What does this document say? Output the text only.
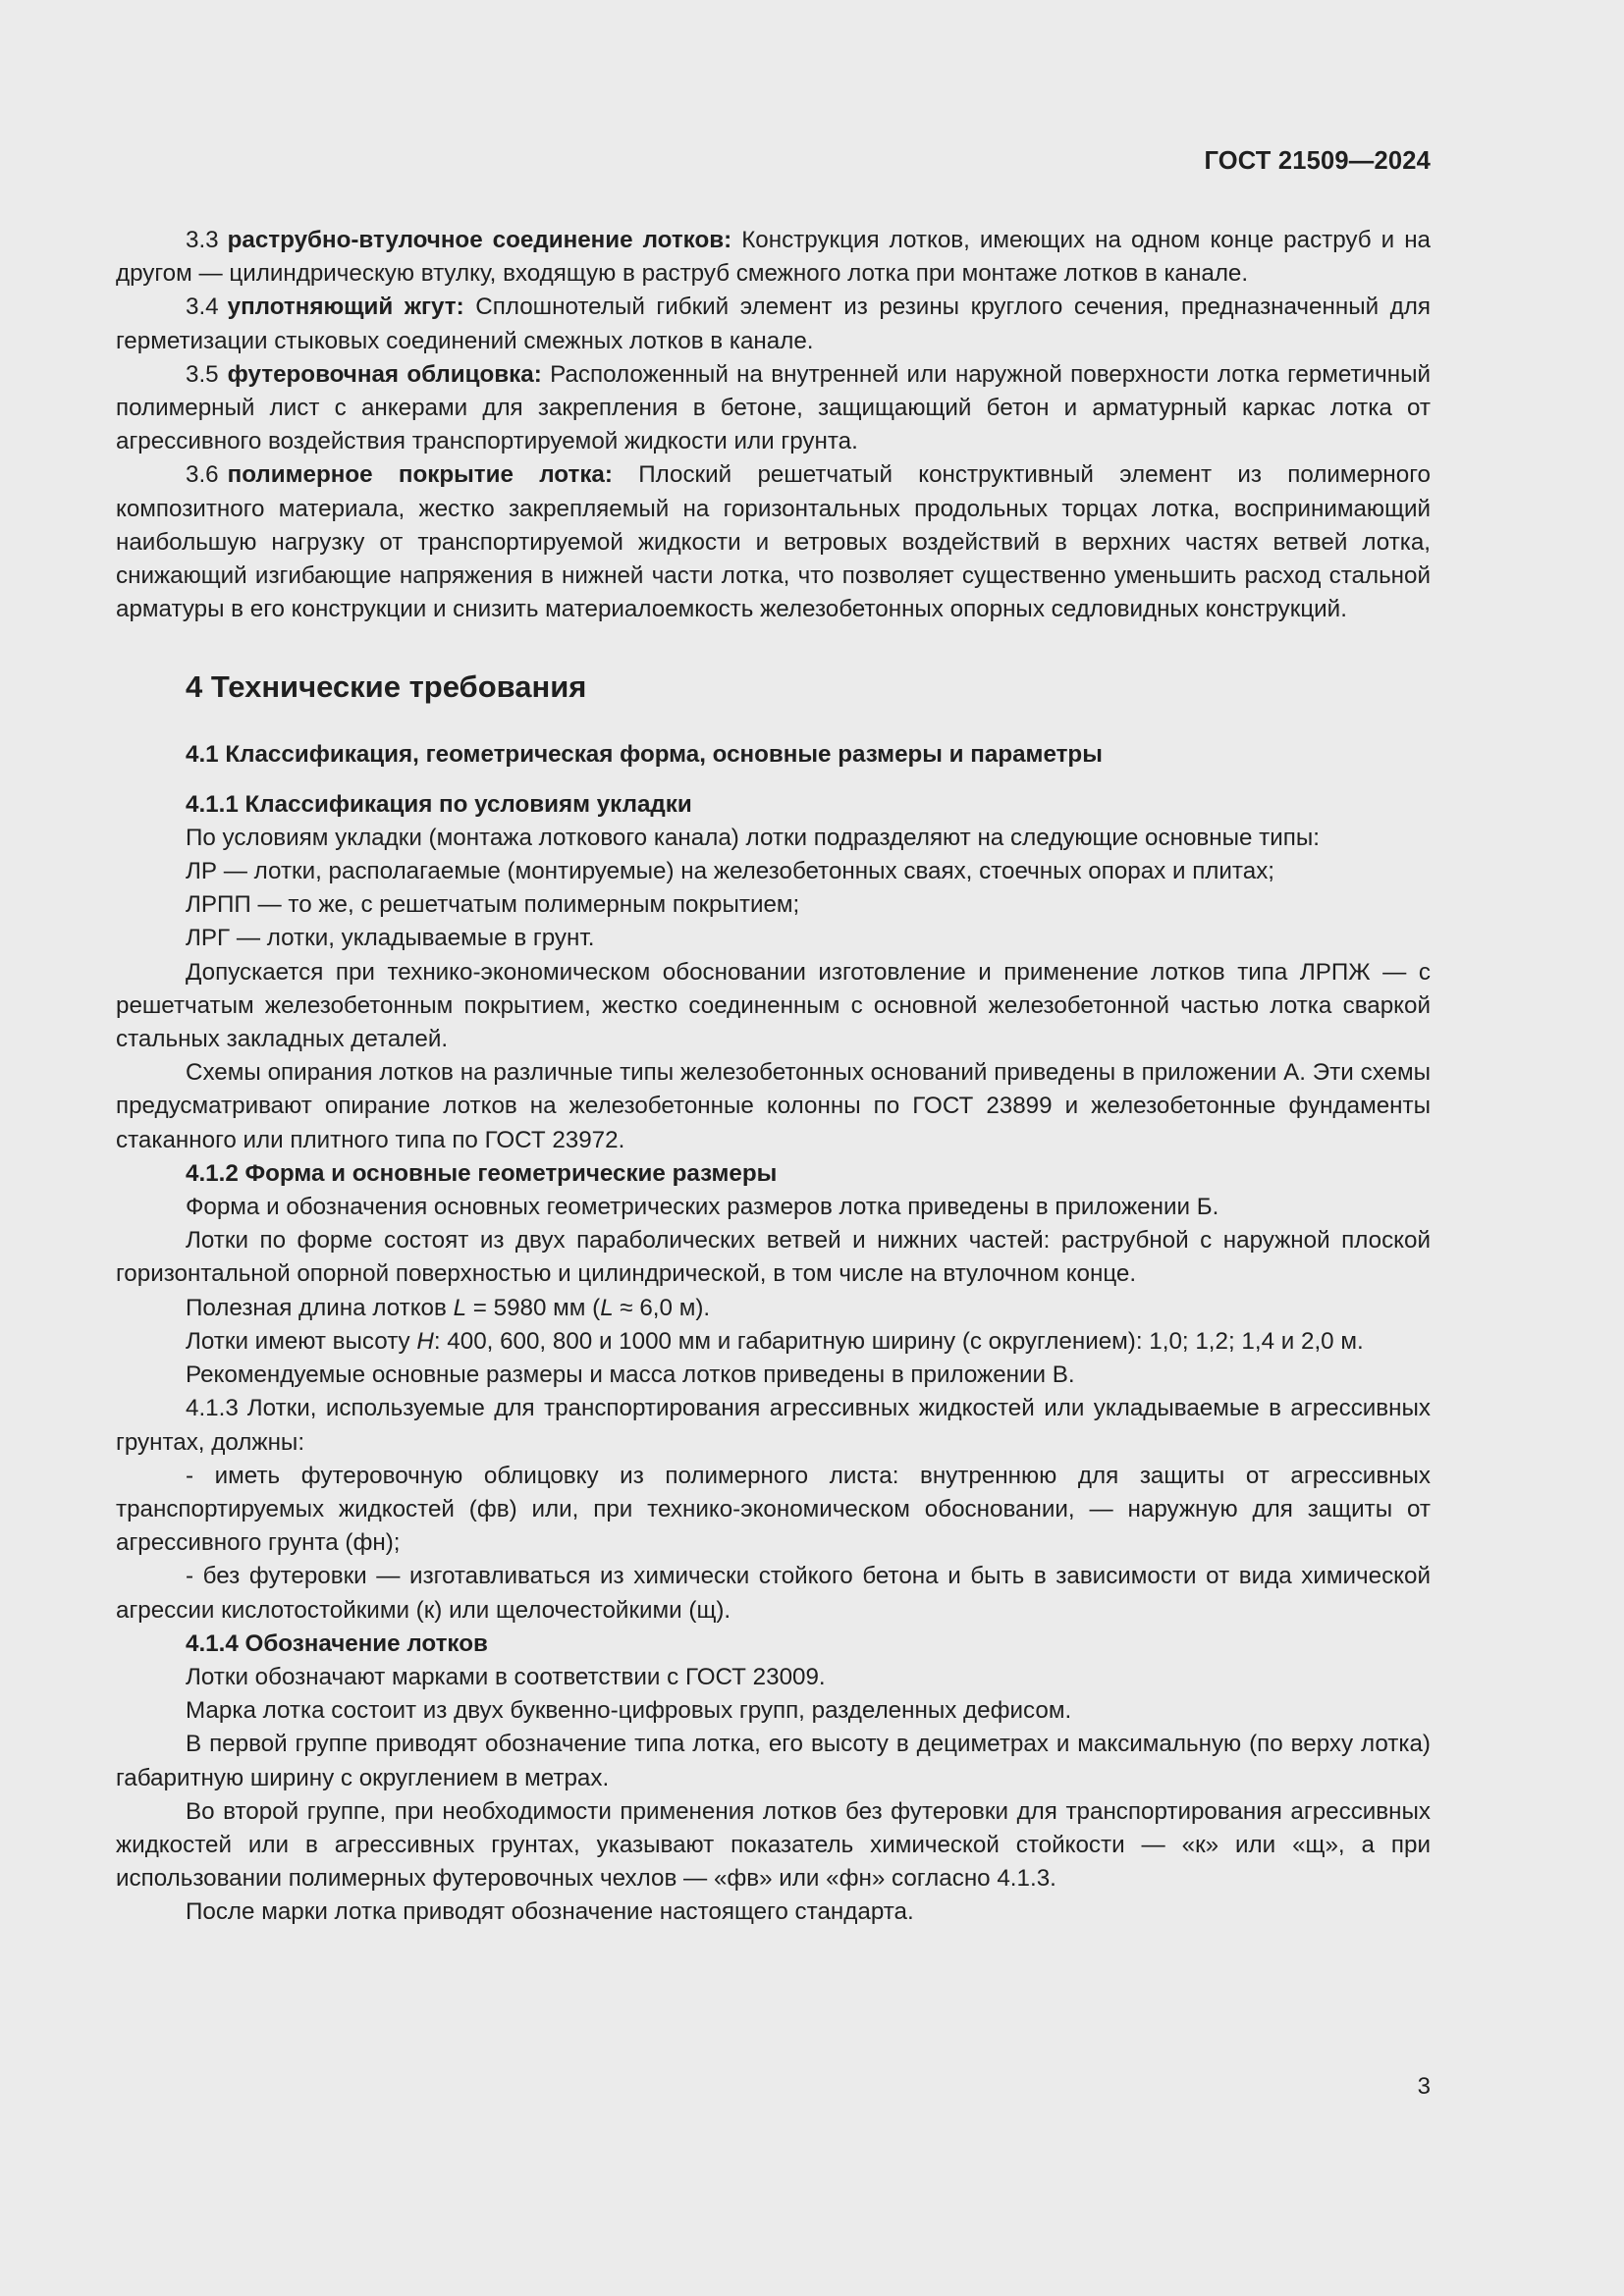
ГОСТ 21509—2024

3.3 раструбно-втулочное соединение лотков: Конструкция лотков, имеющих на одном конце раструб и на другом — цилиндрическую втулку, входящую в раструб смежного лотка при монтаже лотков в канале.

3.4 уплотняющий жгут: Сплошнотелый гибкий элемент из резины круглого сечения, предназначенный для герметизации стыковых соединений смежных лотков в канале.

3.5 футеровочная облицовка: Расположенный на внутренней или наружной поверхности лотка герметичный полимерный лист с анкерами для закрепления в бетоне, защищающий бетон и арматурный каркас лотка от агрессивного воздействия транспортируемой жидкости или грунта.

3.6 полимерное покрытие лотка: Плоский решетчатый конструктивный элемент из полимерного композитного материала, жестко закрепляемый на горизонтальных продольных торцах лотка, воспринимающий наибольшую нагрузку от транспортируемой жидкости и ветровых воздействий в верхних частях ветвей лотка, снижающий изгибающие напряжения в нижней части лотка, что позволяет существенно уменьшить расход стальной арматуры в его конструкции и снизить материалоемкость железобетонных опорных седловидных конструкций.

4 Технические требования
4.1 Классификация, геометрическая форма, основные размеры и параметры
4.1.1 Классификация по условиям укладки

По условиям укладки (монтажа лоткового канала) лотки подразделяют на следующие основные типы:

ЛР — лотки, располагаемые (монтируемые) на железобетонных сваях, стоечных опорах и плитах;

ЛРПП — то же, с решетчатым полимерным покрытием;

ЛРГ — лотки, укладываемые в грунт.

Допускается при технико-экономическом обосновании изготовление и применение лотков типа ЛРПЖ — с решетчатым железобетонным покрытием, жестко соединенным с основной железобетонной частью лотка сваркой стальных закладных деталей.

Схемы опирания лотков на различные типы железобетонных оснований приведены в приложении А. Эти схемы предусматривают опирание лотков на железобетонные колонны по ГОСТ 23899 и железобетонные фундаменты стаканного или плитного типа по ГОСТ 23972.

4.1.2 Форма и основные геометрические размеры

Форма и обозначения основных геометрических размеров лотка приведены в приложении Б.

Лотки по форме состоят из двух параболических ветвей и нижних частей: раструбной с наружной плоской горизонтальной опорной поверхностью и цилиндрической, в том числе на втулочном конце.

Полезная длина лотков L = 5980 мм (L ≈ 6,0 м).

Лотки имеют высоту H: 400, 600, 800 и 1000 мм и габаритную ширину (с округлением): 1,0; 1,2; 1,4 и 2,0 м.

Рекомендуемые основные размеры и масса лотков приведены в приложении В.

4.1.3 Лотки, используемые для транспортирования агрессивных жидкостей или укладываемые в агрессивных грунтах, должны:

- иметь футеровочную облицовку из полимерного листа: внутреннюю для защиты от агрессивных транспортируемых жидкостей (фв) или, при технико-экономическом обосновании, — наружную для защиты от агрессивного грунта (фн);

- без футеровки — изготавливаться из химически стойкого бетона и быть в зависимости от вида химической агрессии кислотостойкими (к) или щелочестойкими (щ).

4.1.4 Обозначение лотков

Лотки обозначают марками в соответствии с ГОСТ 23009.

Марка лотка состоит из двух буквенно-цифровых групп, разделенных дефисом.

В первой группе приводят обозначение типа лотка, его высоту в дециметрах и максимальную (по верху лотка) габаритную ширину с округлением в метрах.

Во второй группе, при необходимости применения лотков без футеровки для транспортирования агрессивных жидкостей или в агрессивных грунтах, указывают показатель химической стойкости — «к» или «щ», а при использовании полимерных футеровочных чехлов — «фв» или «фн» согласно 4.1.3.

После марки лотка приводят обозначение настоящего стандарта.

3
